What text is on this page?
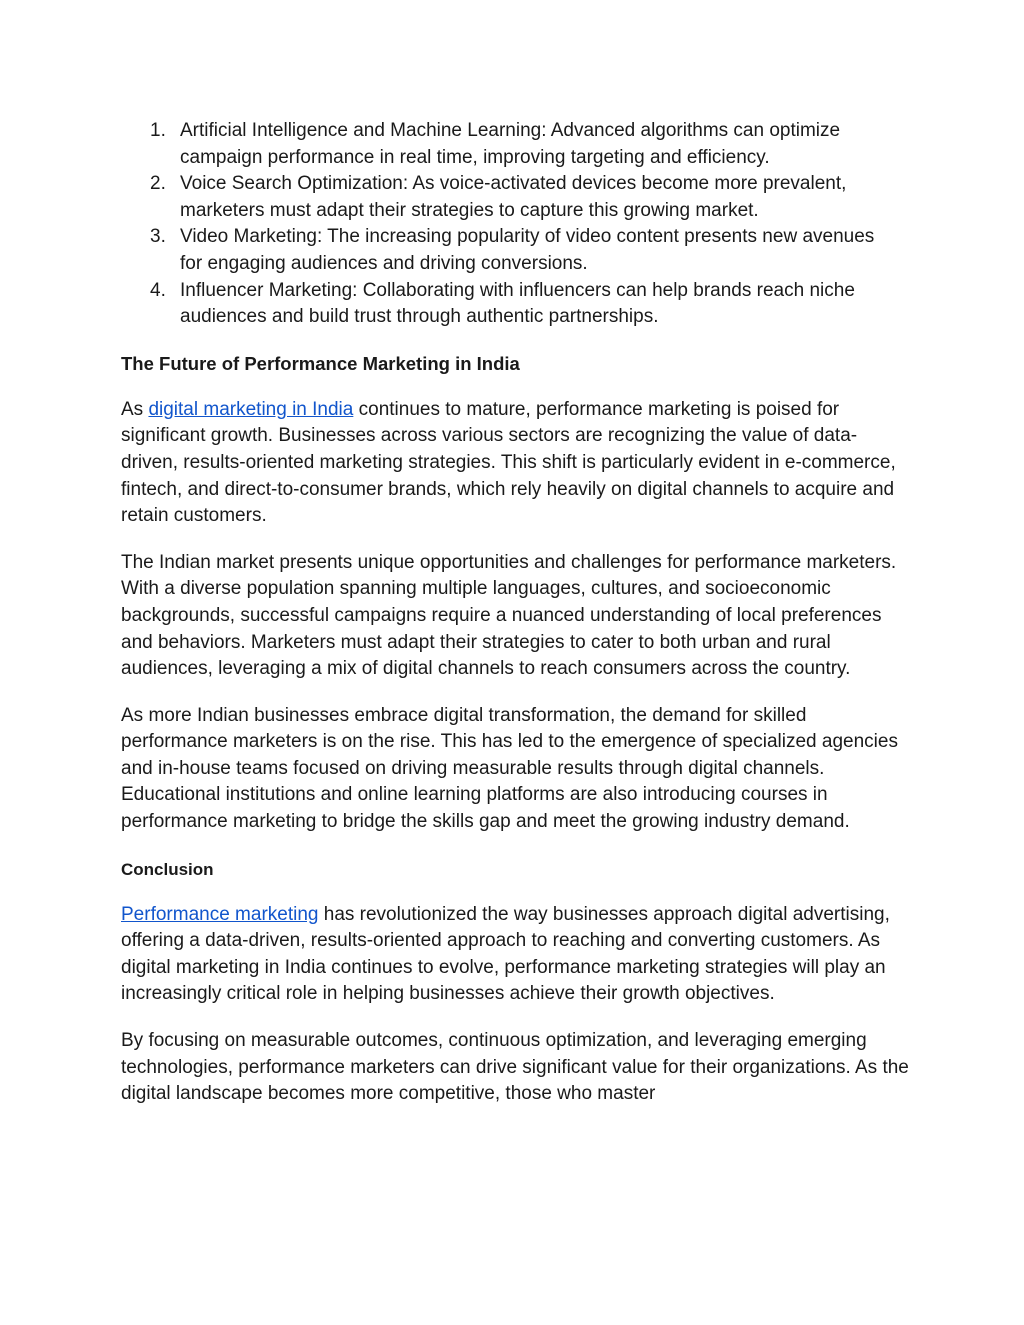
1. Artificial Intelligence and Machine Learning: Advanced algorithms can optimize campaign performance in real time, improving targeting and efficiency.
2. Voice Search Optimization: As voice-activated devices become more prevalent, marketers must adapt their strategies to capture this growing market.
3. Video Marketing: The increasing popularity of video content presents new avenues for engaging audiences and driving conversions.
4. Influencer Marketing: Collaborating with influencers can help brands reach niche audiences and build trust through authentic partnerships.
The Future of Performance Marketing in India

As digital marketing in India continues to mature, performance marketing is poised for significant growth. Businesses across various sectors are recognizing the value of data-driven, results-oriented marketing strategies. This shift is particularly evident in e-commerce, fintech, and direct-to-consumer brands, which rely heavily on digital channels to acquire and retain customers.

The Indian market presents unique opportunities and challenges for performance marketers. With a diverse population spanning multiple languages, cultures, and socioeconomic backgrounds, successful campaigns require a nuanced understanding of local preferences and behaviors. Marketers must adapt their strategies to cater to both urban and rural audiences, leveraging a mix of digital channels to reach consumers across the country.

As more Indian businesses embrace digital transformation, the demand for skilled performance marketers is on the rise. This has led to the emergence of specialized agencies and in-house teams focused on driving measurable results through digital channels. Educational institutions and online learning platforms are also introducing courses in performance marketing to bridge the skills gap and meet the growing industry demand.

Conclusion

Performance marketing has revolutionized the way businesses approach digital advertising, offering a data-driven, results-oriented approach to reaching and converting customers. As digital marketing in India continues to evolve, performance marketing strategies will play an increasingly critical role in helping businesses achieve their growth objectives.

By focusing on measurable outcomes, continuous optimization, and leveraging emerging technologies, performance marketers can drive significant value for their organizations. As the digital landscape becomes more competitive, those who master
